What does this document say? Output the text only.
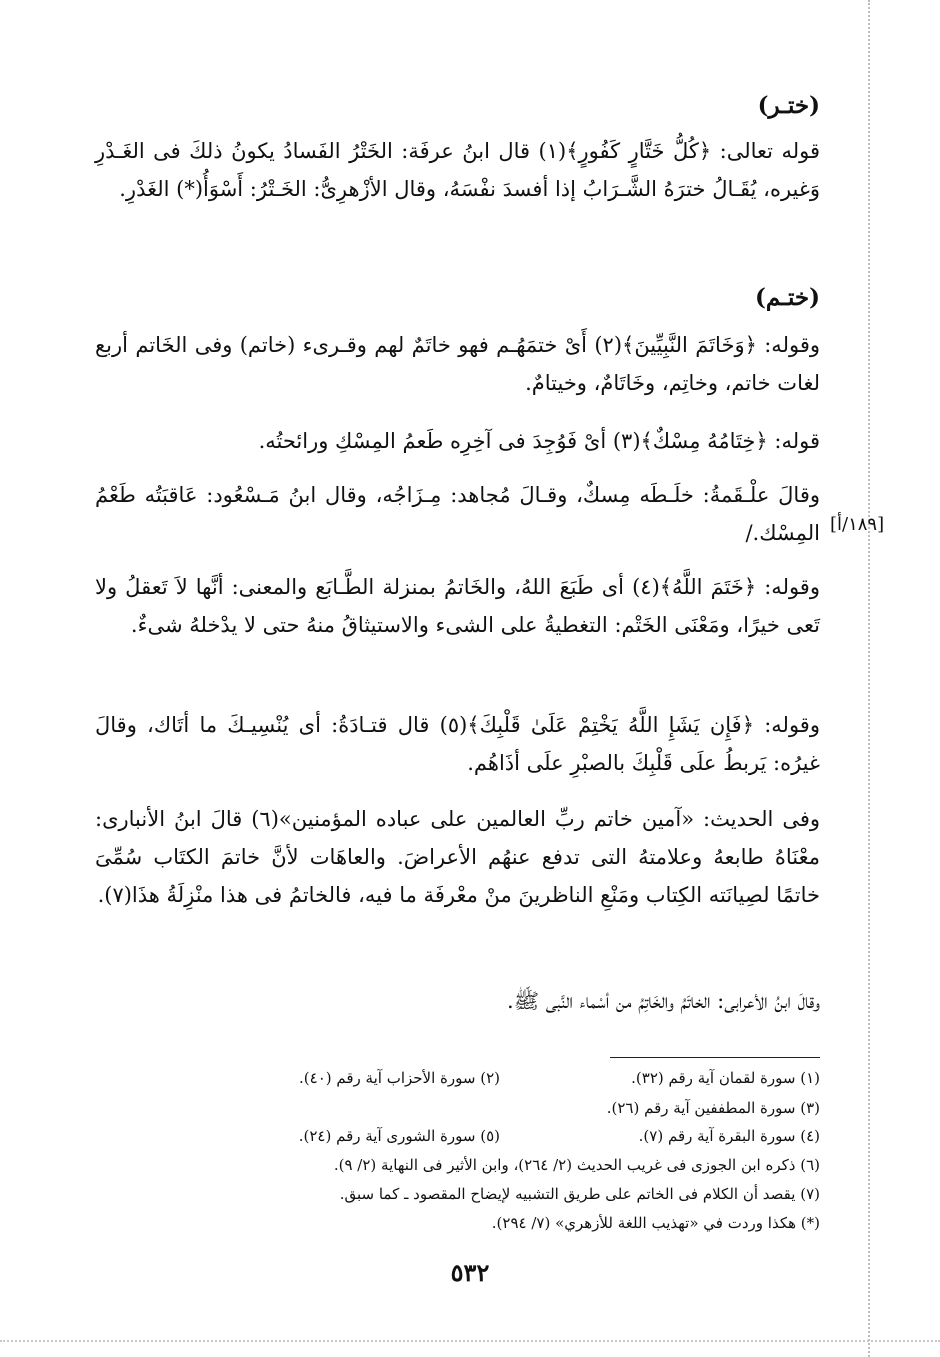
(ختـر)

قوله تعالى: ﴿كُلُّ خَتَّارٍ كَفُورٍ﴾(١) قال ابنُ عرفَة: الخَتْرُ الفَسادُ يكونُ ذلكَ فى الغَـدْرِ وَغيره، يُقَـالُ خترَهُ الشَّـرَابُ إذا أفسدَ نفْسَهُ، وقال الأزْهرِىُّ: الخَـتْرُ: أَسْوَأُ(*) الغَدْرِ.

(ختـم)

وقوله: ﴿وَخَاتَمَ النَّبِيِّينَ﴾(٢) أَىْ ختمَهُـم فهو خاتَمٌ لهم وقـرىء (خاتم) وفى الخَاتم أربع لغات خاتم، وخاتِم، وخَاتَامٌ، وخيتامٌ.

قوله: ﴿خِتَامُهُ مِسْكٌ﴾(٣) أىْ فَوُجِدَ فى آخِرِه طَعمُ المِسْكِ ورائحتُه.

وقالَ علْـقَمةُ: خلَـطَه مِسكٌ، وقـالَ مُجاهد: مِـزَاجُه، وقال ابنُ مَـسْعُود: عَاقبَتُه طَعْمُ المِسْك./ [١٨٩/أ]

وقوله: ﴿خَتَمَ اللَّهُ﴾(٤) أى طَبَعَ اللهُ، والخَاتمُ بمنزلة الطَّـابَع والمعنى: أنَّها لاَ تَعقلُ ولا تَعى خيرًا، ومَعْنَى الخَتْم: التغطيةُ على الشىء والاستيثاقُ منهُ حتى لا يدْخلهُ شىءٌ.

وقوله: ﴿فَإِن يَشَإِ اللَّهُ يَخْتِمْ عَلَىٰ قَلْبِكَ﴾(٥) قال قتـادَةُ: أى يُنْسِيـكَ ما أتَاك، وقالَ غيرُه: يَربطُ علَى قَلْبِكَ بالصبْرِ علَى أذَاهُم.

وفى الحديث: «آمين خاتم ربِّ العالمين على عباده المؤمنين»(٦) قالَ ابنُ الأنبارى: معْنَاهُ طابعهُ وعلامتهُ التى تدفع عنهُم الأعراضَ. والعاهَات لأنَّ خاتمَ الكتَاب سُمِّىَ خاتمًا لصِيانَته الكِتاب ومَنْعِ الناظرينَ منْ معْرفَة ما فيه، فالخاتمُ فى هذا منْزِلَةُ هذَا(٧).

وقالَ ابنُ الأعرابى: الخاتَمُ والخَاتِمُ من أسْماء النَّبى ﷺ.

(١) سورة لقمان آية رقم (٣٢).
(٢) سورة الأحزاب آية رقم (٤٠).
(٣) سورة المطففين آية رقم (٢٦).
(٤) سورة البقرة آية رقم (٧).
(٥) سورة الشورى آية رقم (٢٤).
(٦) ذكره ابن الجوزى فى غريب الحديث (٢/ ٢٦٤)، وابن الأثير فى النهاية (٢/ ٩).
(٧) يقصد أن الكلام فى الخاتم على طريق التشبيه لإيضاح المقصود ـ كما سبق.
(*) هكذا وردت في «تهذيب اللغة للأزهري» (٧/ ٢٩٤).
٥٣٢
